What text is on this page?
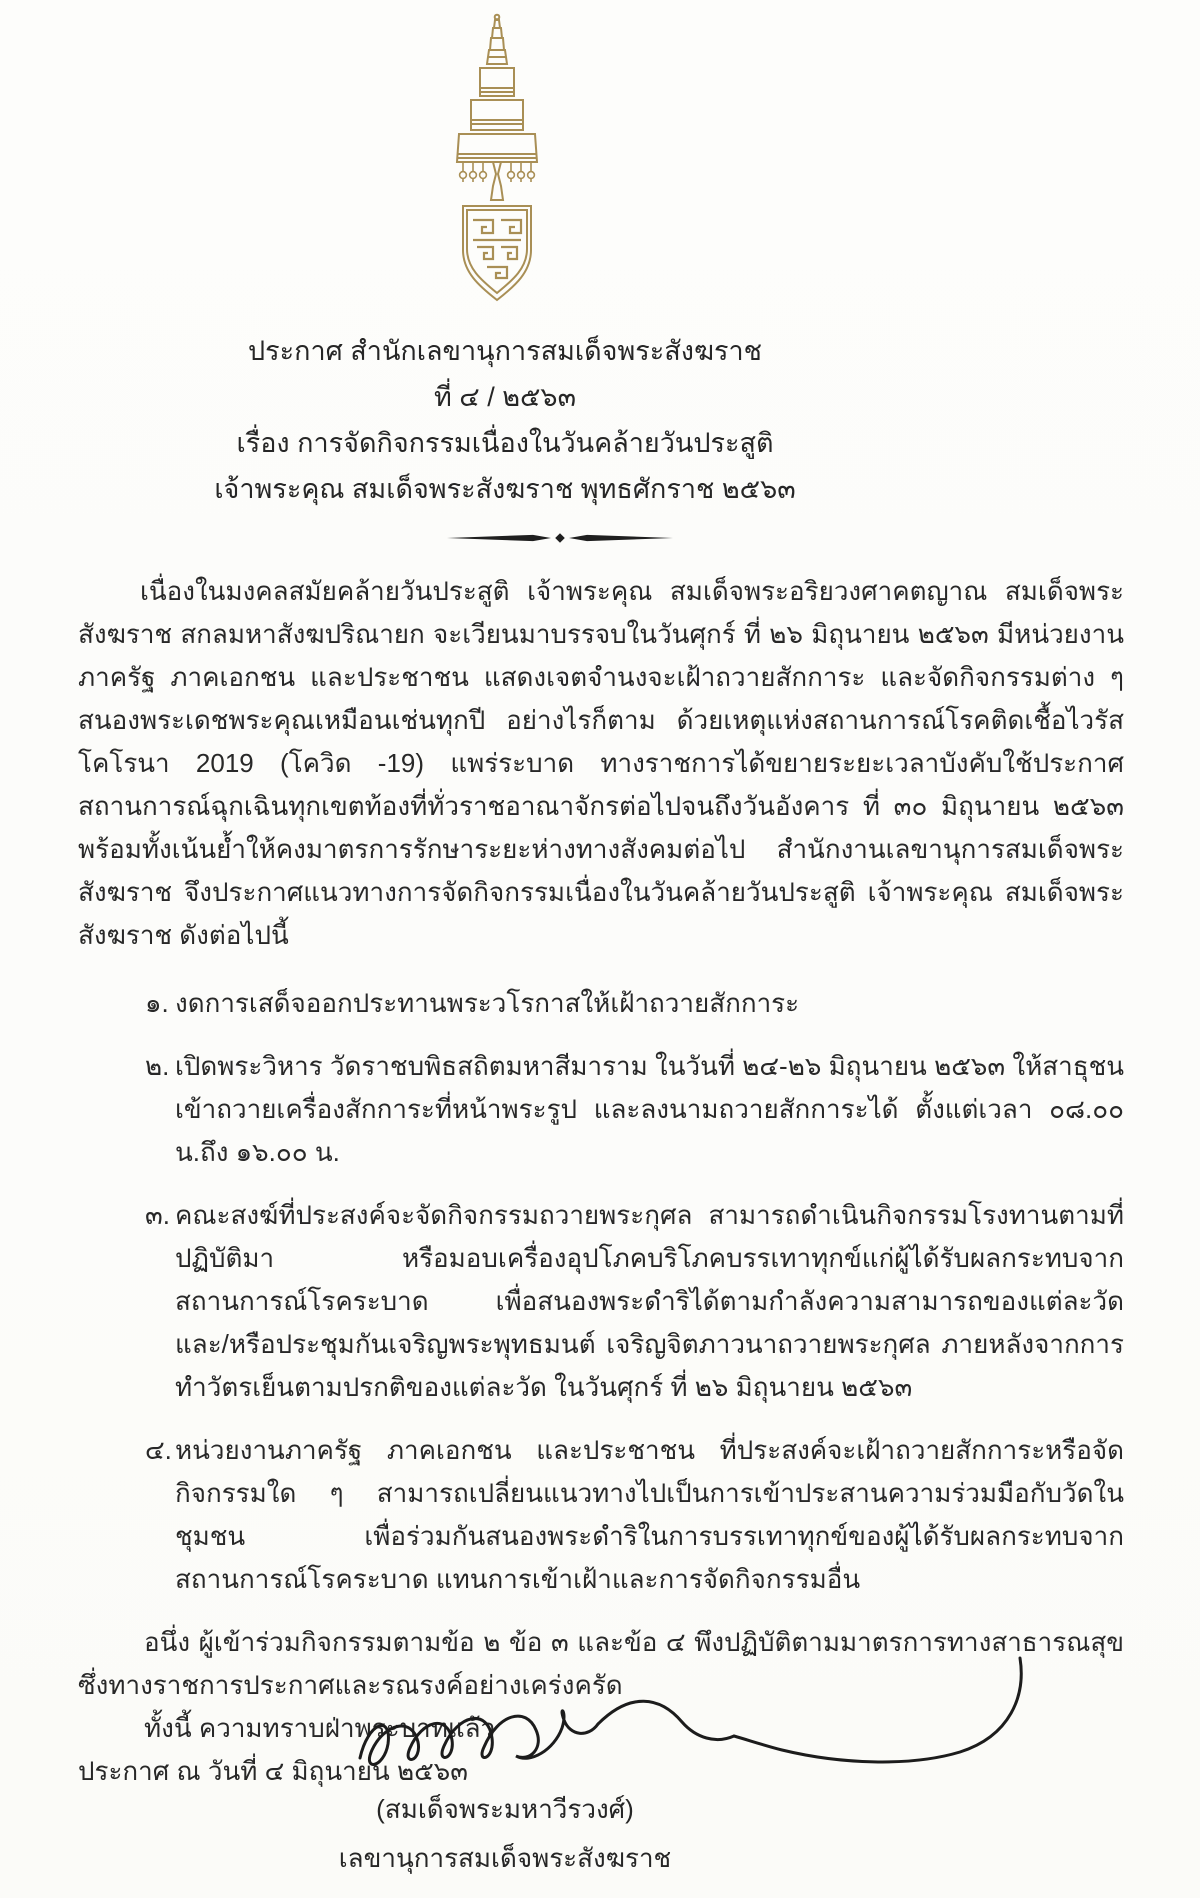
ประกาศ สำนักเลขานุการสมเด็จพระสังฆราช
ที่ ๔ / ๒๕๖๓
เรื่อง การจัดกิจกรรมเนื่องในวันคล้ายวันประสูติ
เจ้าพระคุณ สมเด็จพระสังฆราช พุทธศักราช ๒๕๖๓

เนื่องในมงคลสมัยคล้ายวันประสูติ เจ้าพระคุณ สมเด็จพระอริยวงศาคตญาณ สมเด็จพระสังฆราช สกลมหาสังฆปริณายก จะเวียนมาบรรจบในวันศุกร์ ที่ ๒๖ มิถุนายน ๒๕๖๓ มีหน่วยงานภาครัฐ ภาคเอกชน และประชาชน แสดงเจตจำนงจะเฝ้าถวายสักการะ และจัดกิจกรรมต่าง ๆ สนองพระเดชพระคุณเหมือนเช่นทุกปี อย่างไรก็ตาม ด้วยเหตุแห่งสถานการณ์โรคติดเชื้อไวรัสโคโรนา 2019 (โควิด -19) แพร่ระบาด ทางราชการได้ขยายระยะเวลาบังคับใช้ประกาศสถานการณ์ฉุกเฉินทุกเขตท้องที่ทั่วราชอาณาจักรต่อไปจนถึงวันอังคาร ที่ ๓๐ มิถุนายน ๒๕๖๓ พร้อมทั้งเน้นย้ำให้คงมาตรการรักษาระยะห่างทางสังคมต่อไป สำนักงานเลขานุการสมเด็จพระสังฆราช จึงประกาศแนวทางการจัดกิจกรรมเนื่องในวันคล้ายวันประสูติ เจ้าพระคุณ สมเด็จพระสังฆราช ดังต่อไปนี้

๑. งดการเสด็จออกประทานพระวโรกาสให้เฝ้าถวายสักการะ
๒. เปิดพระวิหาร วัดราชบพิธสถิตมหาสีมาราม ในวันที่ ๒๔-๒๖ มิถุนายน ๒๕๖๓ ให้สาธุชนเข้าถวายเครื่องสักการะที่หน้าพระรูป และลงนามถวายสักการะได้ ตั้งแต่เวลา ๐๘.๐๐ น.ถึง ๑๖.๐๐ น.
๓. คณะสงฆ์ที่ประสงค์จะจัดกิจกรรมถวายพระกุศล สามารถดำเนินกิจกรรมโรงทานตามที่ปฏิบัติมา หรือมอบเครื่องอุปโภคบริโภคบรรเทาทุกข์แก่ผู้ได้รับผลกระทบจากสถานการณ์โรคระบาด เพื่อสนองพระดำริได้ตามกำลังความสามารถของแต่ละวัด และ/หรือประชุมกันเจริญพระพุทธมนต์ เจริญจิตภาวนาถวายพระกุศล ภายหลังจากการทำวัตรเย็นตามปรกติของแต่ละวัด ในวันศุกร์ ที่ ๒๖ มิถุนายน ๒๕๖๓
๔. หน่วยงานภาครัฐ ภาคเอกชน และประชาชน ที่ประสงค์จะเฝ้าถวายสักการะหรือจัดกิจกรรมใด ๆ สามารถเปลี่ยนแนวทางไปเป็นการเข้าประสานความร่วมมือกับวัดในชุมชน เพื่อร่วมกันสนองพระดำริในการบรรเทาทุกข์ของผู้ได้รับผลกระทบจากสถานการณ์โรคระบาด แทนการเข้าเฝ้าและการจัดกิจกรรมอื่น

อนึ่ง ผู้เข้าร่วมกิจกรรมตามข้อ ๒ ข้อ ๓ และข้อ ๔ พึงปฏิบัติตามมาตรการทางสาธารณสุขซึ่งทางราชการประกาศและรณรงค์อย่างเคร่งครัด

ทั้งนี้ ความทราบฝ่าพระบาทแล้ว

ประกาศ ณ วันที่ ๔ มิถุนายน ๒๕๖๓

(สมเด็จพระมหาวีรวงศ์)
เลขานุการสมเด็จพระสังฆราช
